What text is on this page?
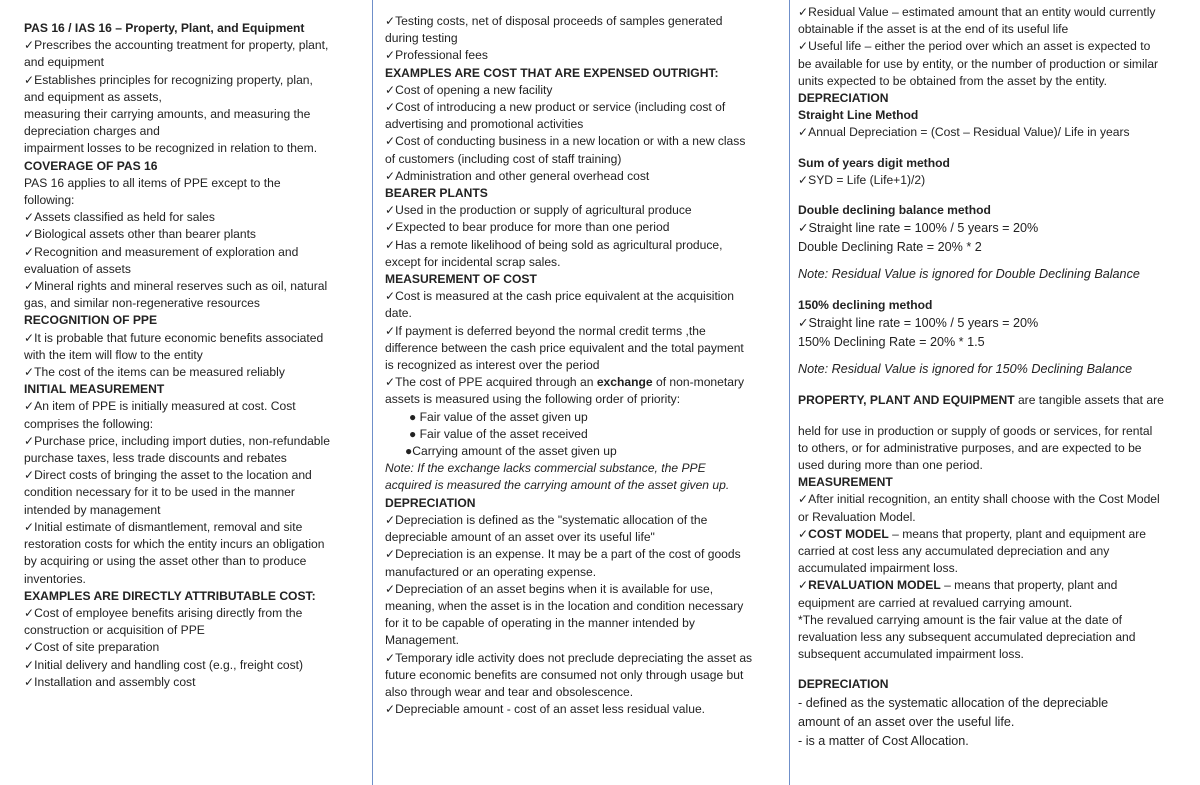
PAS 16 / IAS 16 – Property, Plant, and Equipment
✓Prescribes the accounting treatment for property, plant,
and equipment
✓Establishes principles for recognizing property, plan,
and equipment as assets,
measuring their carrying amounts, and measuring the
depreciation charges and
impairment losses to be recognized in relation to them.
COVERAGE OF PAS 16
PAS 16 applies to all items of PPE except to the
following:
✓Assets classified as held for sales
✓Biological assets other than bearer plants
✓Recognition and measurement of exploration and
evaluation of assets
✓Mineral rights and mineral reserves such as oil, natural
gas, and similar non-regenerative resources
RECOGNITION OF PPE
✓It is probable that future economic benefits associated
with the item will flow to the entity
✓The cost of the items can be measured reliably
INITIAL MEASUREMENT
✓An item of PPE is initially measured at cost. Cost
comprises the following:
✓Purchase price, including import duties, non-refundable
purchase taxes, less trade discounts and rebates
✓Direct costs of bringing the asset to the location and
condition necessary for it to be used in the manner
intended by management
✓Initial estimate of dismantlement, removal and site
restoration costs for which the entity incurs an obligation
by acquiring or using the asset other than to produce
inventories.
EXAMPLES ARE DIRECTLY ATTRIBUTABLE COST:
✓Cost of employee benefits arising directly from the
construction or acquisition of PPE
✓Cost of site preparation
✓Initial delivery and handling cost (e.g., freight cost)
✓Installation and assembly cost
✓Testing costs, net of disposal proceeds of samples generated
during testing
✓Professional fees
EXAMPLES ARE COST THAT ARE EXPENSED OUTRIGHT:
✓Cost of opening a new facility
✓Cost of introducing a new product or service (including cost of
advertising and promotional activities
✓Cost of conducting business in a new location or with a new class
of customers (including cost of staff training)
✓Administration and other general overhead cost
BEARER PLANTS
✓Used in the production or supply of agricultural produce
✓Expected to bear produce for more than one period
✓Has a remote likelihood of being sold as agricultural produce,
except for incidental scrap sales.
MEASUREMENT OF COST
✓Cost is measured at the cash price equivalent at the acquisition
date.
✓If payment is deferred beyond the normal credit terms ,the
difference between the cash price equivalent and the total payment
is recognized as interest over the period
✓The cost of PPE acquired through an exchange of non-monetary
assets is measured using the following order of priority:
● Fair value of the asset given up
● Fair value of the asset received
●Carrying amount of the asset given up
Note: If the exchange lacks commercial substance, the PPE
acquired is measured the carrying amount of the asset given up.
DEPRECIATION
✓Depreciation is defined as the "systematic allocation of the
depreciable amount of an asset over its useful life"
✓Depreciation is an expense. It may be a part of the cost of goods
manufactured or an operating expense.
✓Depreciation of an asset begins when it is available for use,
meaning, when the asset is in the location and condition necessary
for it to be capable of operating in the manner intended by
Management.
✓Temporary idle activity does not preclude depreciating the asset as
future economic benefits are consumed not only through usage but
also through wear and tear and obsolescence.
✓Depreciable amount - cost of an asset less residual value.
✓Residual Value – estimated amount that an entity would currently
obtainable if the asset is at the end of its useful life
✓Useful life – either the period over which an asset is expected to
be available for use by entity, or the number of production or similar
units expected to be obtained from the asset by the entity.
DEPRECIATION
Straight Line Method
✓Annual Depreciation = (Cost – Residual Value)/ Life in years
Sum of years digit method
✓SYD = Life (Life+1)/2)
Double declining balance method
✓Straight line rate = 100% / 5 years = 20%
Double Declining Rate = 20% * 2
Note: Residual Value is ignored for Double Declining Balance
150% declining method
✓Straight line rate = 100% / 5 years = 20%
150% Declining Rate = 20% * 1.5
Note: Residual Value is ignored for 150% Declining Balance
PROPERTY, PLANT AND EQUIPMENT are tangible assets that are
held for use in production or supply of goods or services, for rental
to others, or for administrative purposes, and are expected to be
used during more than one period.
MEASUREMENT
✓After initial recognition, an entity shall choose with the Cost Model
or Revaluation Model.
✓COST MODEL – means that property, plant and equipment are
carried at cost less any accumulated depreciation and any
accumulated impairment loss.
✓REVALUATION MODEL – means that property, plant and
equipment are carried at revalued carrying amount.
*The revalued carrying amount is the fair value at the date of
revaluation less any subsequent accumulated depreciation and
subsequent accumulated impairment loss.
DEPRECIATION
- defined as the systematic allocation of the depreciable
amount of an asset over the useful life.
- is a matter of Cost Allocation.
